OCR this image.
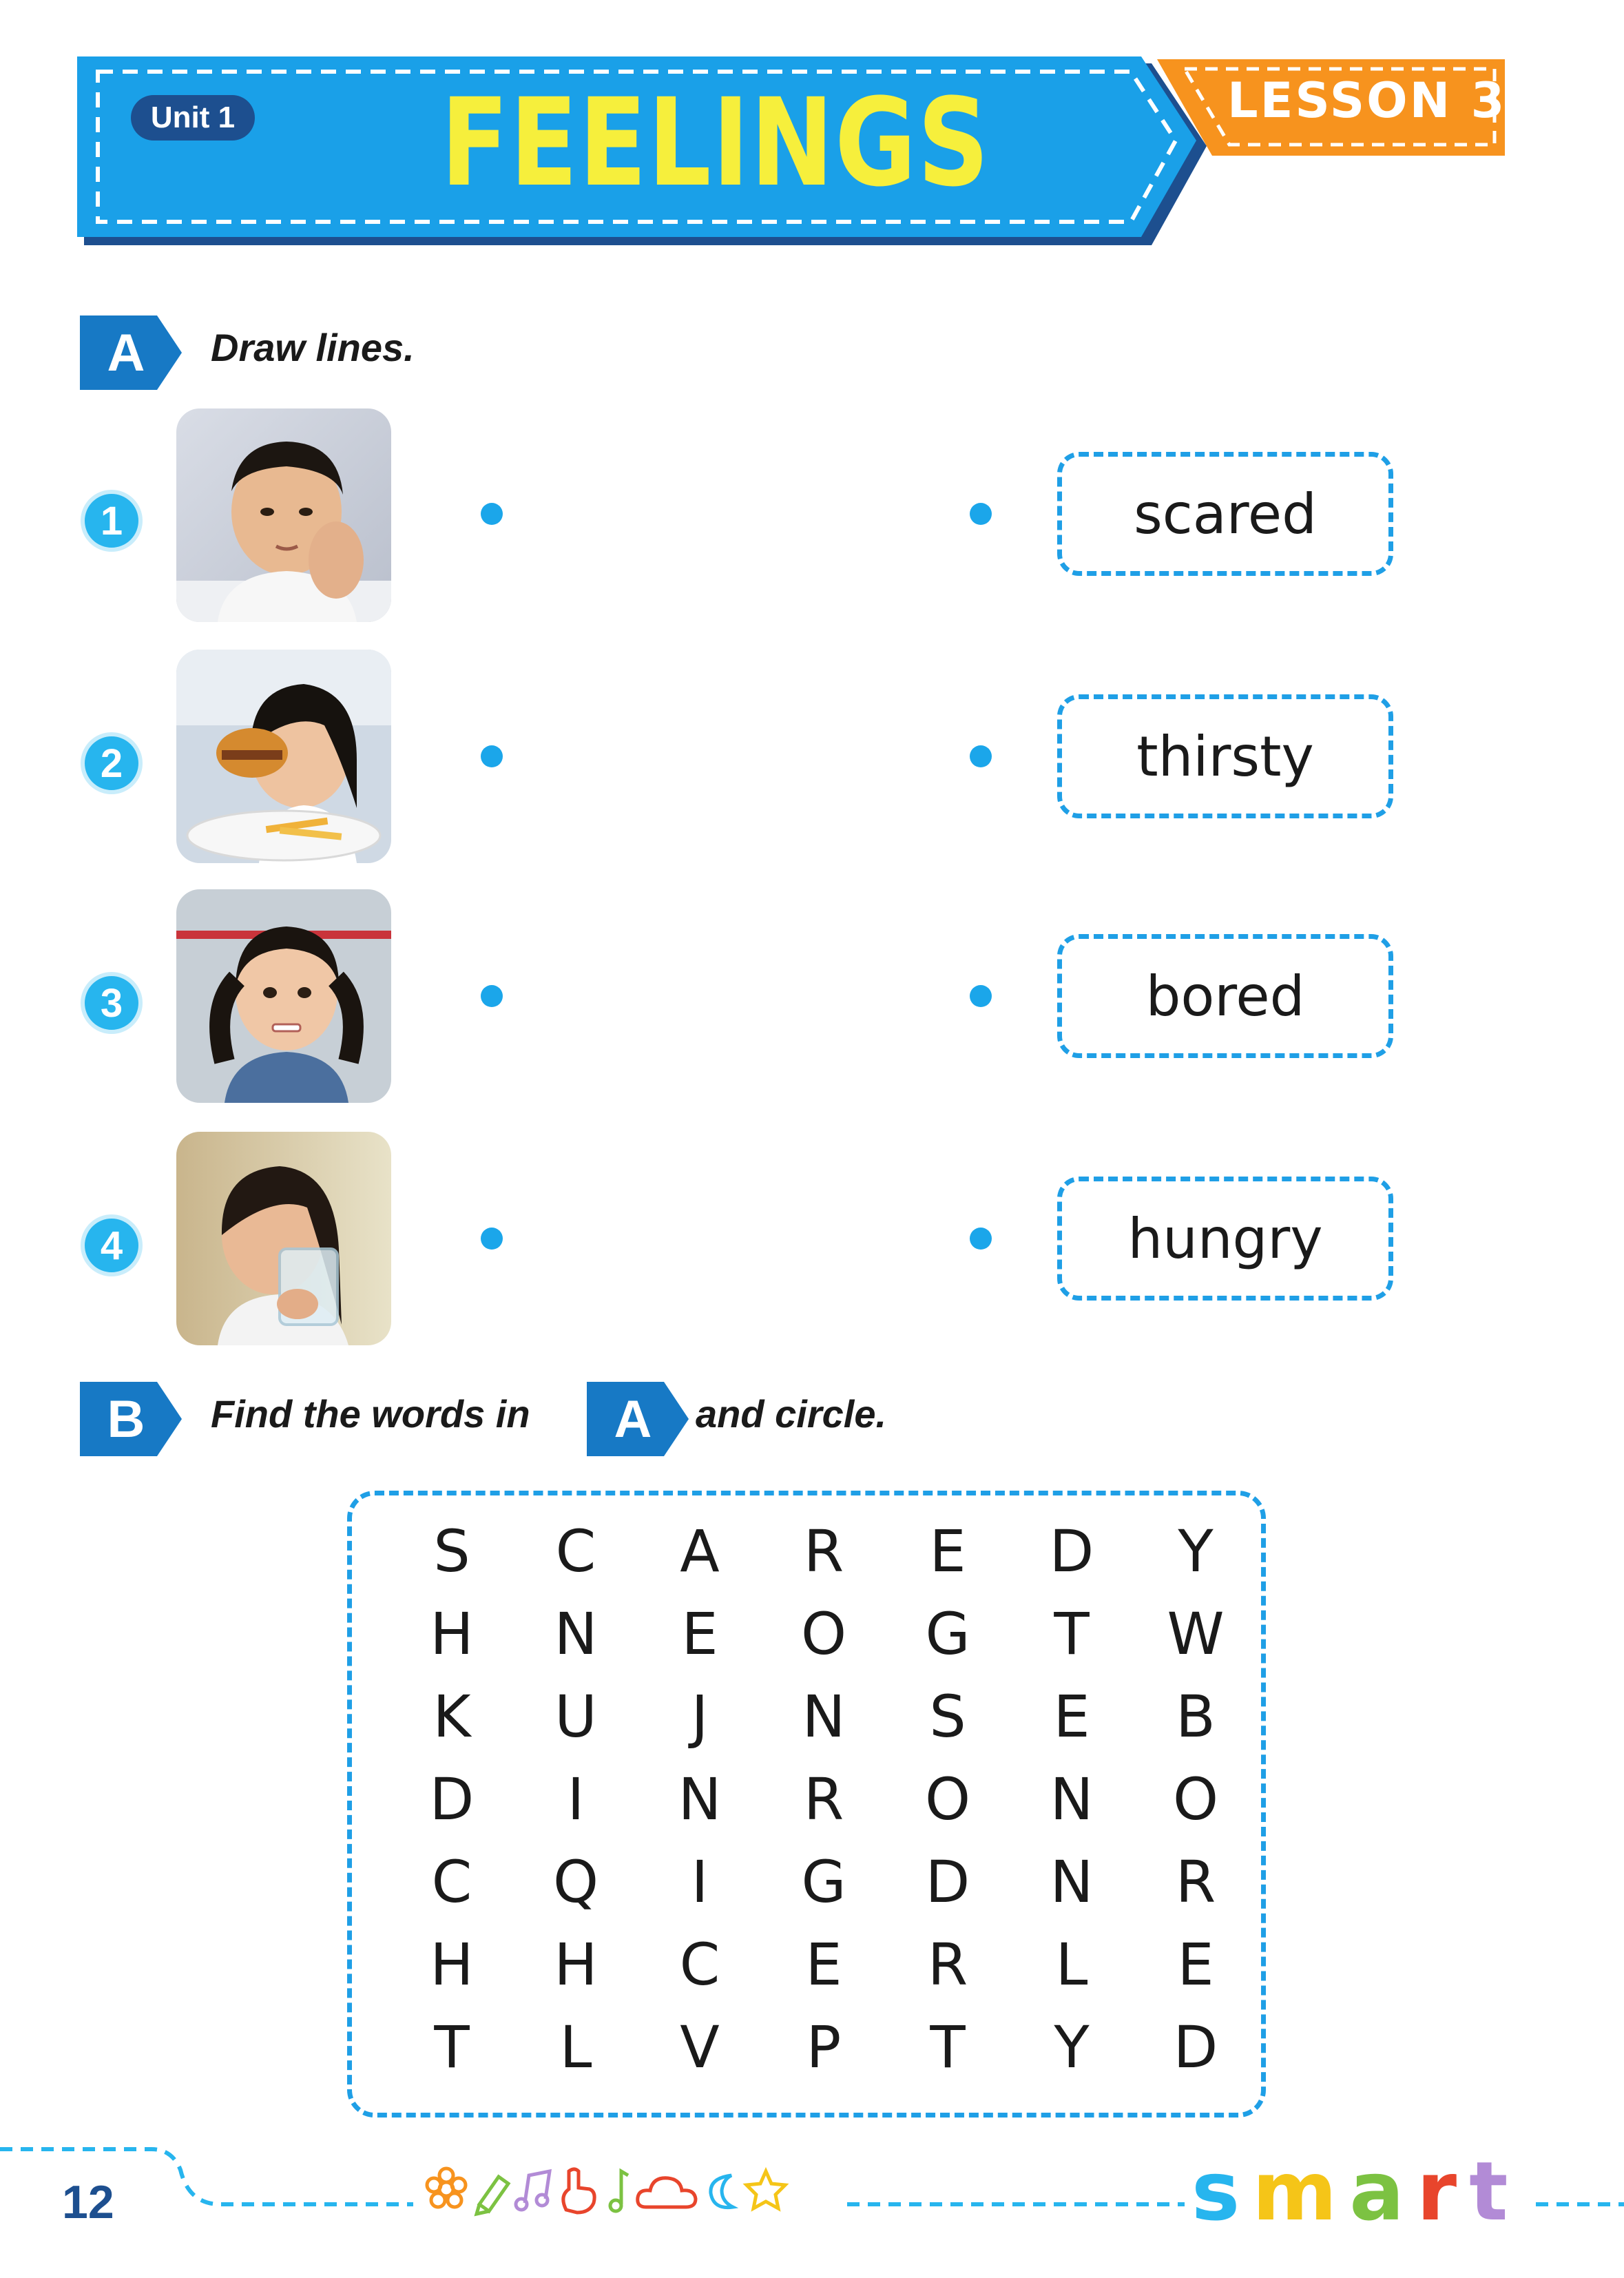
Unit 1 FEELINGS	LESSON 3
A	Draw lines.
1	scared
2	thirsty
3	bored
4	hungry
B	Find the words in A	and circle.
S	C	A	R	E	D	Y
H	N	E	O	G	T	W
K	U	J	N	S	E	B
D	I	N	R	O	N	O
C	Q	I	G	D	N	R
H	H	C	E	R	L	E
T	L	V	P	T	Y	D
12	smart
